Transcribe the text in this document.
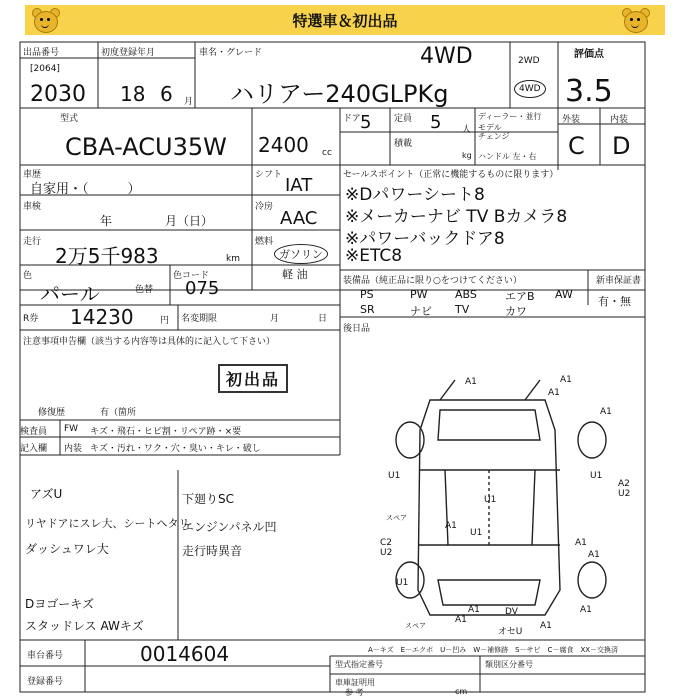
特選車＆初出品
A1	A1
A1
A1
U1
A2
U2
U1
U1
C2
U2
U1
A1
A1
A1
U1
A1
A1
DV
A1
A1
オセU
スペア
スペア
出品番号
[2064]
2030
初度登録年月
18 6 月
車名・グレード	4WD
ハリアー240GLPKg
2WD
4WD
評価点
3.5
型式
CBA-ACU35W 2400 cc
ドア 5	定員 5 人
ディーラー・並行
モデル
チェンジ
積載
kg ハンドル 左・右
外装	内装
C D
車歴
自家用・（　　　）
シフト IAT
車検
年	月（日）
冷房
AAC
走行
2万5千983	km
燃料
ガソリン
軽 油
色
パール	色替
色コード
075
セールスポイント（正常に機能するものに限ります）
※Dパワーシート8
※メーカーナビ TV Bカメラ8
※パワーバックドア8
※ETC8
装備品（純正品に限り○をつけてください）	新車保証書
有・無
PS	PW ABS	エアB AW
SR	ナビ TV	カワ
後日品
R券 14230	円 名変期限	月	日
注意事項申告欄（該当する内容等は具体的に記入して下さい）
初出品
修復歴	有（箇所
検査員
記入欄
FW キズ・飛石・ヒビ割・リペア跡・×要
内装 キズ・汚れ・ワク・穴・臭い・キレ・破し
アズU
リヤドアにスレ大、シートヘタリ
ダッシュワレ大
下廻りSC
エンジンパネル凹
走行時異音
Dヨゴーキズ
スタッドレス AWキズ
A－キズ　E－エクボ　U－凹み　W－補修跡　S－サビ　C－腐食　XX－交換済
車台番号	0014604
登録番号
型式指定番号	類別区分番号
車庫証明用
参 考	cm
